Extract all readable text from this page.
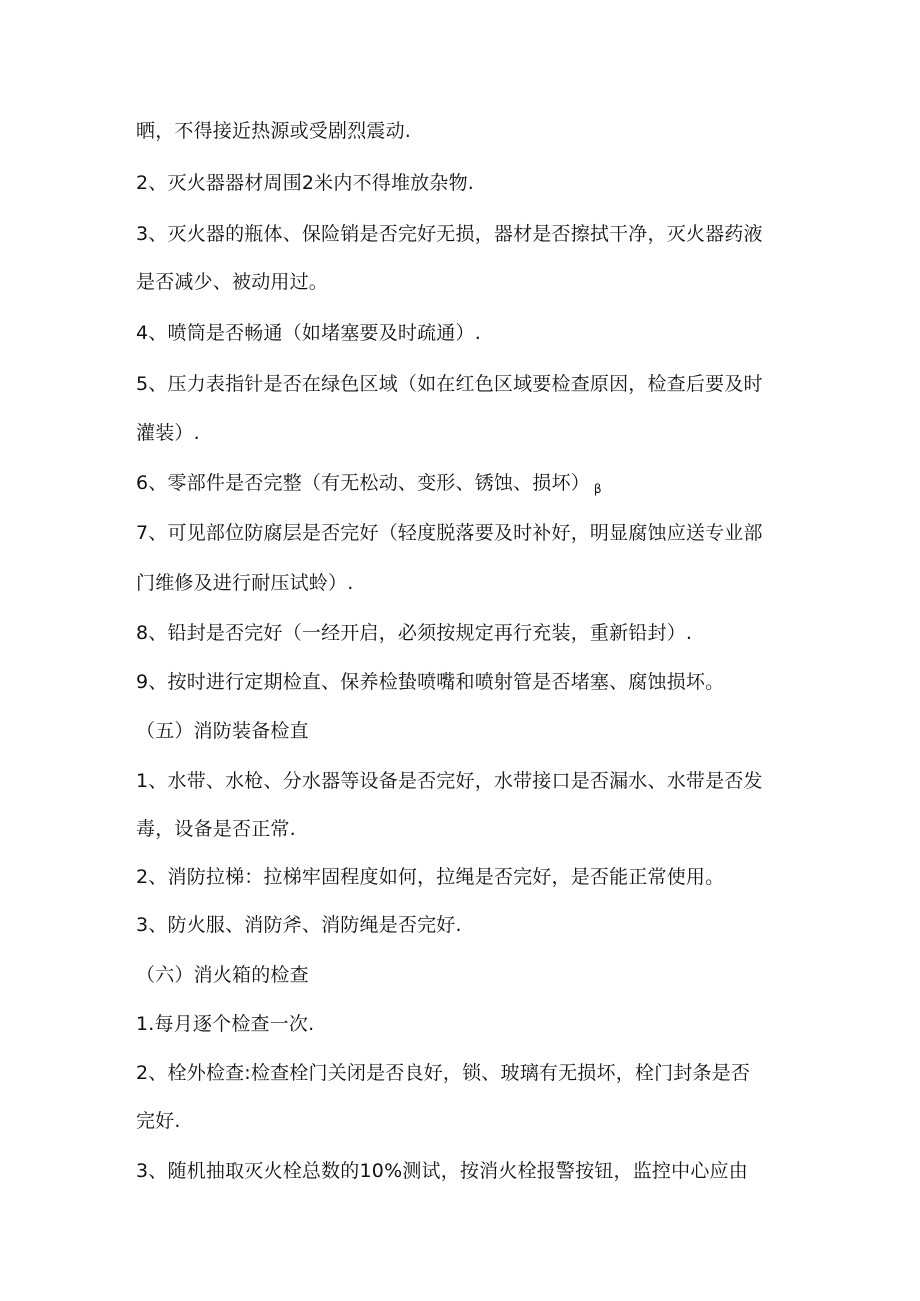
晒，不得接近热源或受剧烈震动.
2、灭火器器材周围2米内不得堆放杂物.
3、灭火器的瓶体、保险销是否完好无损，器材是否擦拭干净，灭火器药液
是否减少、被动用过。
4、喷筒是否畅通（如堵塞要及时疏通）.
5、压力表指针是否在绿色区域（如在红色区域要检查原因，检查后要及时
灌装）.
6、零部件是否完整（有无松动、变形、锈蚀、损坏） $_\beta$
7、可见部位防腐层是否完好（轻度脱落要及时补好，明显腐蚀应送专业部
门维修及进行耐压试蛉）.
8、铅封是否完好（一经开启，必须按规定再行充装，重新铅封）.
9、按时进行定期检直、保养检蛰喷嘴和喷射管是否堵塞、腐蚀损坏。
（五）消防装备检直
1、水带、水枪、分水器等设备是否完好，水带接口是否漏水、水带是否发
毒，设备是否正常.
2、消防拉梯：拉梯牢固程度如何，拉绳是否完好，是否能正常使用。
3、防火服、消防斧、消防绳是否完好.
（六）消火箱的检查
1.每月逐个检查一次.
2、栓外检查:检查栓门关闭是否良好，锁、玻璃有无损坏，栓门封条是否
完好.
3、随机抽取灭火栓总数的10%测试，按消火栓报警按钮，监控中心应由
